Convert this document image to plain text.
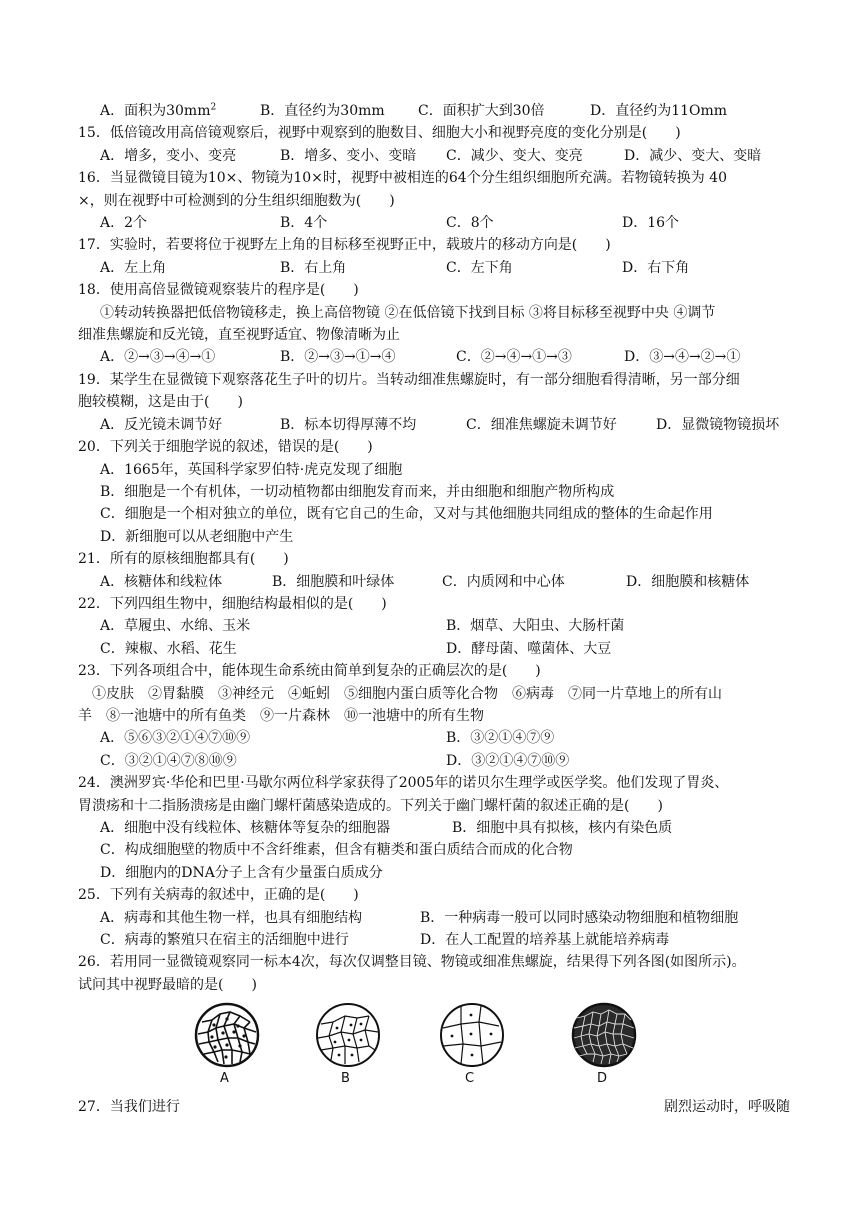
A．面积为$30mm^2$	B．直径约为30mm	C．面积扩大到30倍	D．直径约为11Omm
15．低倍镜改用高倍镜观察后，视野中观察到的胞数目、细胞大小和视野亮度的变化分别是(　　)
A．增多，变小、变亮	B．增多、变小、变暗	C．减少、变大、变亮	D．减少、变大、变暗
16．当显微镜目镜为10×、物镜为10×时，视野中被相连的64个分生组织细胞所充满。若物镜转换为 40
×，则在视野中可检测到的分生组织细胞数为(　　)
A．2个	B．4个	C．8个	D．16个
17．实验时，若要将位于视野左上角的目标移至视野正中，载玻片的移动方向是(　　)
A．左上角	B．右上角	C．左下角	D．右下角
18．使用高倍显微镜观察装片的程序是(　　)
①转动转换器把低倍物镜移走，换上高倍物镜 ②在低倍镜下找到目标 ③将目标移至视野中央 ④调节
细准焦螺旋和反光镜，直至视野适宜、物像清晰为止
A．②→③→④→①	B．②→③→①→④	C．②→④→①→③	D．③→④→②→①
19．某学生在显微镜下观察落花生子叶的切片。当转动细准焦螺旋时，有一部分细胞看得清晰，另一部分细
胞较模糊，这是由于(　　)
A．反光镜未调节好	B．标本切得厚薄不均	C．细准焦螺旋未调节好	D．显微镜物镜损坏
20．下列关于细胞学说的叙述，错误的是(　　)
A．1665年，英国科学家罗伯特·虎克发现了细胞
B．细胞是一个有机体，一切动植物都由细胞发育而来，并由细胞和细胞产物所构成
C．细胞是一个相对独立的单位，既有它自己的生命，又对与其他细胞共同组成的整体的生命起作用
D．新细胞可以从老细胞中产生
21．所有的原核细胞都具有(　　)
A．核糖体和线粒体	B．细胞膜和叶绿体	C．内质网和中心体	D．细胞膜和核糖体
22．下列四组生物中，细胞结构最相似的是(　　)
A．草履虫、水绵、玉米	B．烟草、大阳虫、大肠杆菌
C．辣椒、水稻、花生	D．酵母菌、噬菌体、大豆
23．下列各项组合中，能体现生命系统由简单到复杂的正确层次的是(　　)
①皮肤　②胃黏膜　③神经元　④蚯蚓　⑤细胞内蛋白质等化合物　⑥病毒　⑦同一片草地上的所有山
羊　⑧一池塘中的所有鱼类　⑨一片森林　⑩一池塘中的所有生物
A．⑤⑥③②①④⑦⑩⑨	B．③②①④⑦⑨
C．③②①④⑦⑧⑩⑨	D．③②①④⑦⑩⑨
24．澳洲罗宾·华伦和巴里·马歇尔两位科学家获得了2005年的诺贝尔生理学或医学奖。他们发现了胃炎、
胃溃疡和十二指肠溃疡是由幽门螺杆菌感染造成的。下列关于幽门螺杆菌的叙述正确的是(　　)
A．细胞中没有线粒体、核糖体等复杂的细胞器	B．细胞中具有拟核，核内有染色质
C．构成细胞壁的物质中不含纤维素，但含有糖类和蛋白质结合而成的化合物
D．细胞内的DNA分子上含有少量蛋白质成分
25．下列有关病毒的叙述中，正确的是(　　)
A．病毒和其他生物一样，也具有细胞结构	B．一种病毒一般可以同时感染动物细胞和植物细胞
C．病毒的繁殖只在宿主的活细胞中进行	D．在人工配置的培养基上就能培养病毒
26．若用同一显微镜观察同一标本4次，每次仅调整目镜、物镜或细准焦螺旋，结果得下列各图(如图所示)。
试问其中视野最暗的是(　　)
A	B	C	D
27．当我们进行	剧烈运动时，呼吸随
